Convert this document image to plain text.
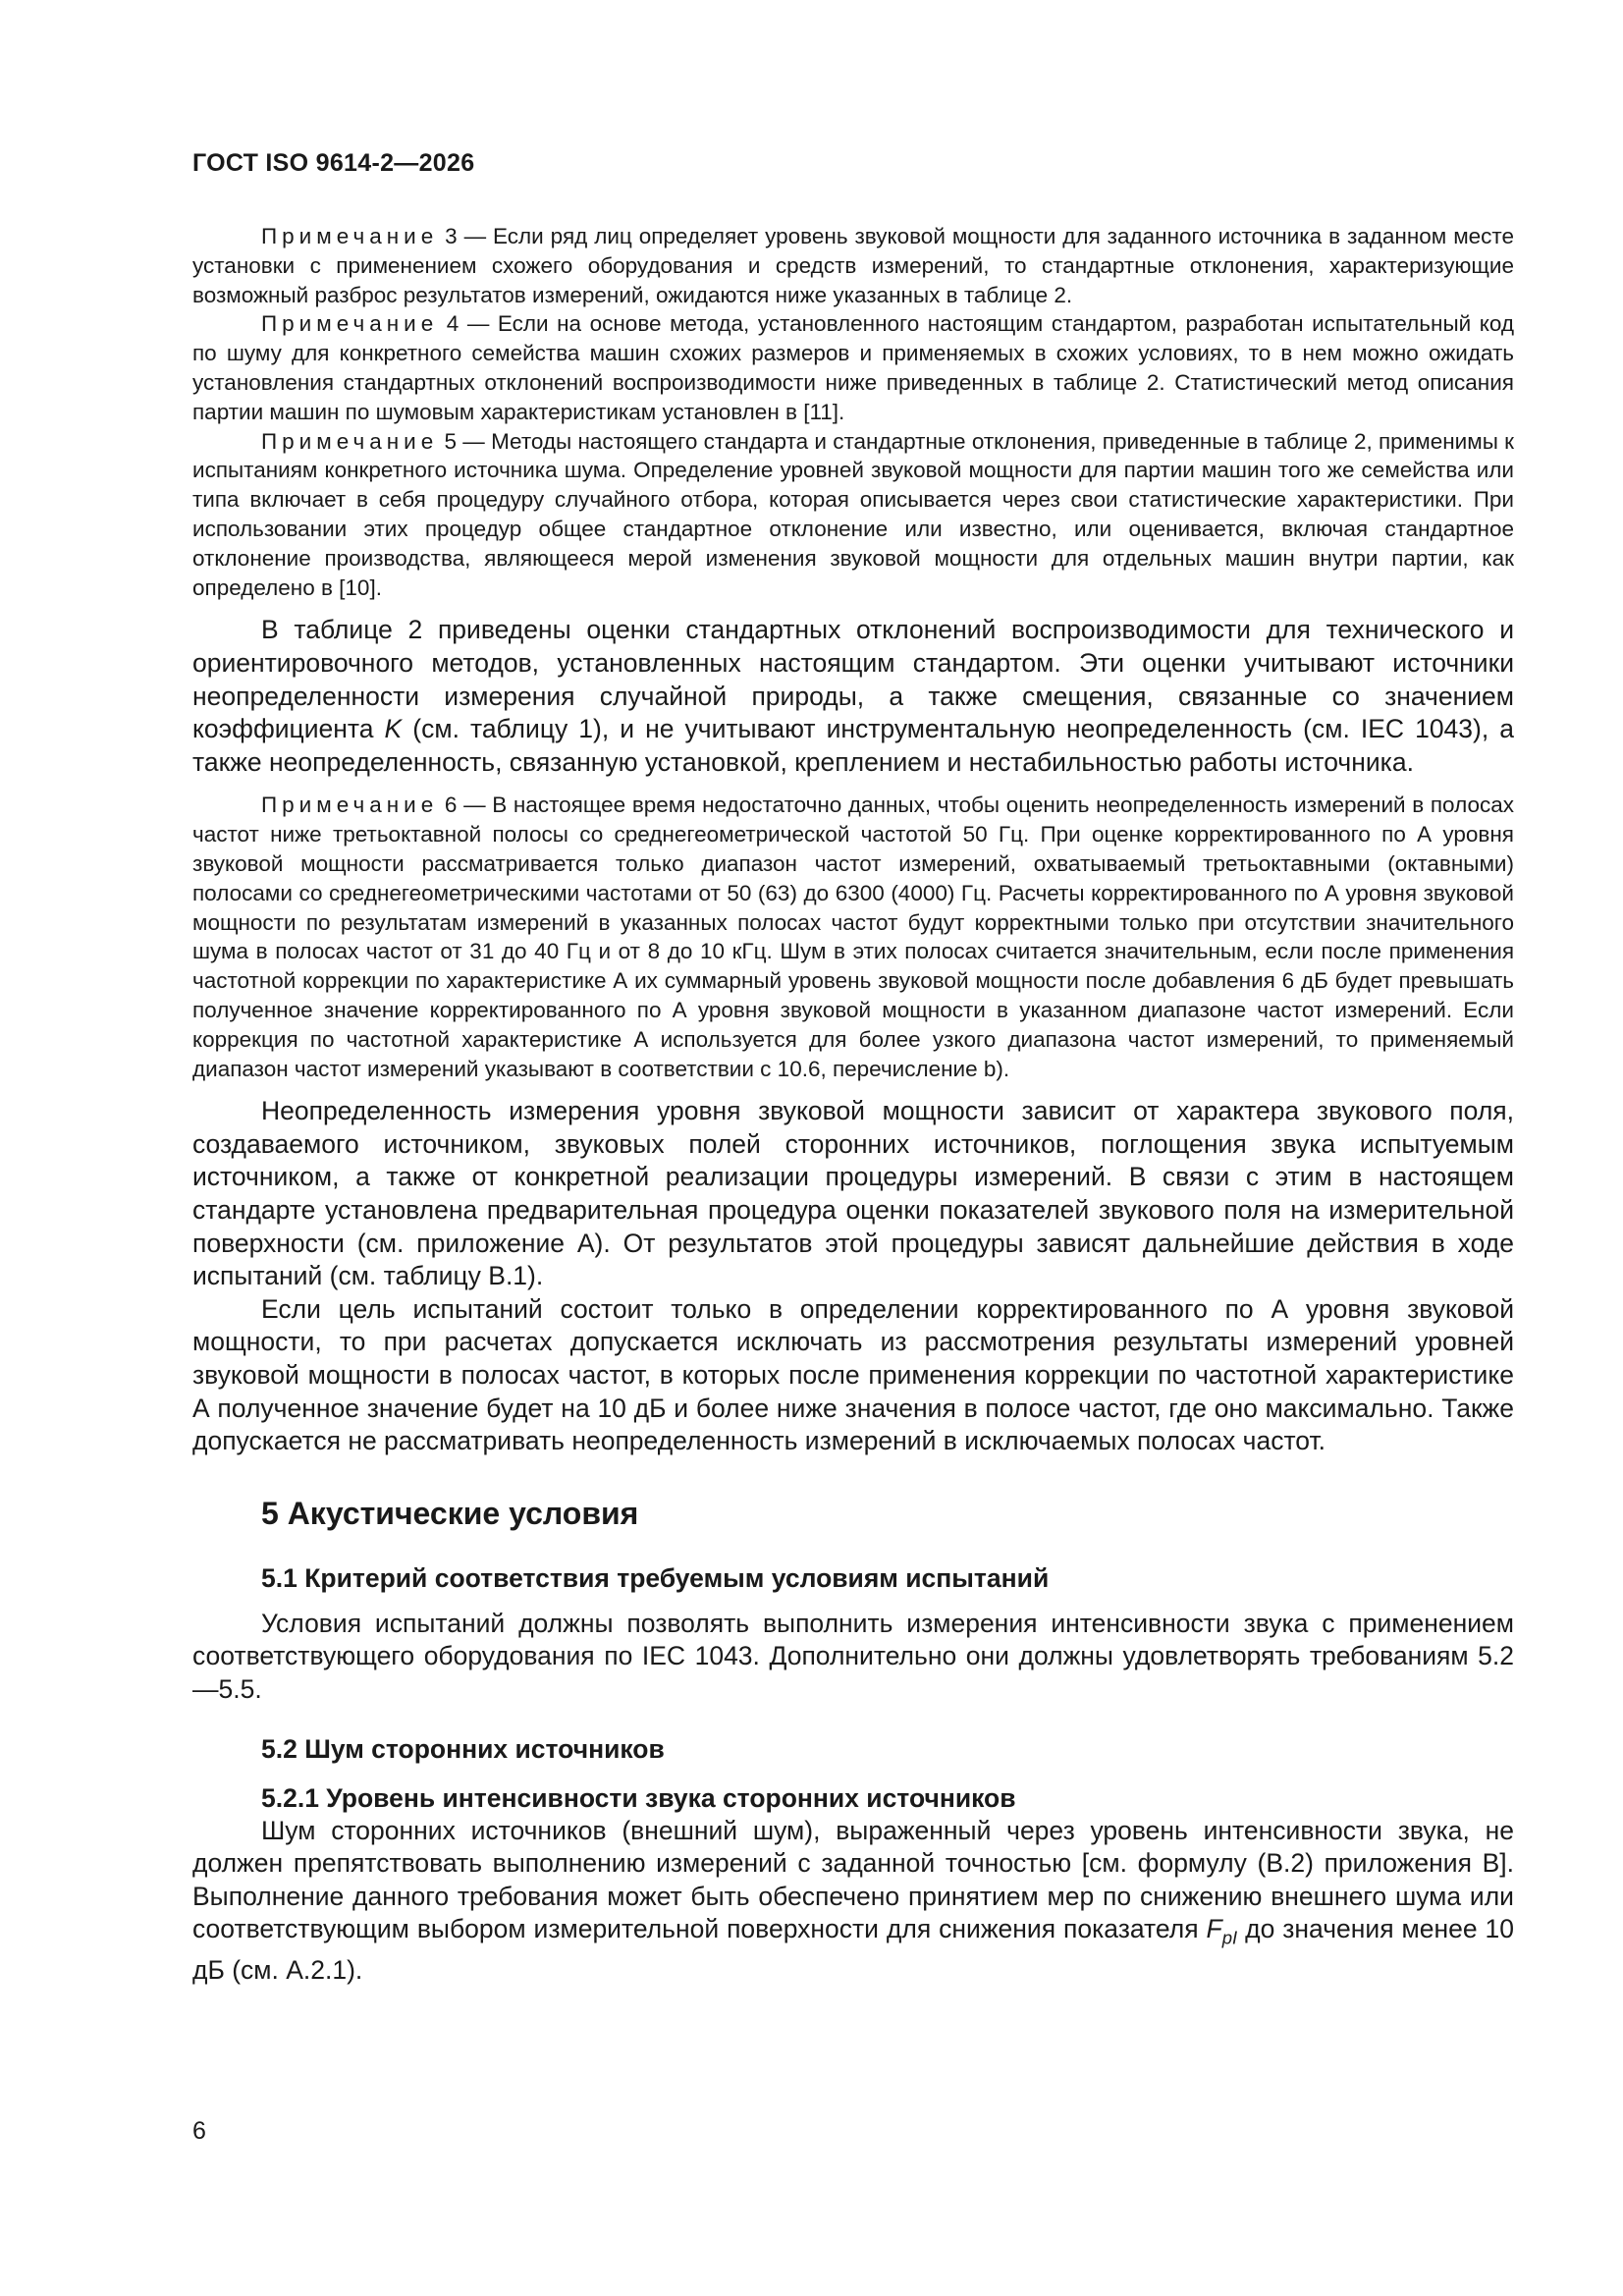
ГОСТ ISO 9614-2—2026

Примечание 3 — Если ряд лиц определяет уровень звуковой мощности для заданного источника в заданном месте установки с применением схожего оборудования и средств измерений, то стандартные отклонения, характеризующие возможный разброс результатов измерений, ожидаются ниже указанных в таблице 2.

Примечание 4 — Если на основе метода, установленного настоящим стандартом, разработан испытательный код по шуму для конкретного семейства машин схожих размеров и применяемых в схожих условиях, то в нем можно ожидать установления стандартных отклонений воспроизводимости ниже приведенных в таблице 2. Статистический метод описания партии машин по шумовым характеристикам установлен в [11].

Примечание 5 — Методы настоящего стандарта и стандартные отклонения, приведенные в таблице 2, применимы к испытаниям конкретного источника шума. Определение уровней звуковой мощности для партии машин того же семейства или типа включает в себя процедуру случайного отбора, которая описывается через свои статистические характеристики. При использовании этих процедур общее стандартное отклонение или известно, или оценивается, включая стандартное отклонение производства, являющееся мерой изменения звуковой мощности для отдельных машин внутри партии, как определено в [10].

В таблице 2 приведены оценки стандартных отклонений воспроизводимости для технического и ориентировочного методов, установленных настоящим стандартом. Эти оценки учитывают источники неопределенности измерения случайной природы, а также смещения, связанные со значением коэффициента K (см. таблицу 1), и не учитывают инструментальную неопределенность (см. IEC 1043), а также неопределенность, связанную установкой, креплением и нестабильностью работы источника.

Примечание 6 — В настоящее время недостаточно данных, чтобы оценить неопределенность измерений в полосах частот ниже третьоктавной полосы со среднегеометрической частотой 50 Гц. При оценке корректированного по А уровня звуковой мощности рассматривается только диапазон частот измерений, охватываемый третьоктавными (октавными) полосами со среднегеометрическими частотами от 50 (63) до 6300 (4000) Гц. Расчеты корректированного по А уровня звуковой мощности по результатам измерений в указанных полосах частот будут корректными только при отсутствии значительного шума в полосах частот от 31 до 40 Гц и от 8 до 10 кГц. Шум в этих полосах считается значительным, если после применения частотной коррекции по характеристике А их суммарный уровень звуковой мощности после добавления 6 дБ будет превышать полученное значение корректированного по А уровня звуковой мощности в указанном диапазоне частот измерений. Если коррекция по частотной характеристике А используется для более узкого диапазона частот измерений, то применяемый диапазон частот измерений указывают в соответствии с 10.6, перечисление b).

Неопределенность измерения уровня звуковой мощности зависит от характера звукового поля, создаваемого источником, звуковых полей сторонних источников, поглощения звука испытуемым источником, а также от конкретной реализации процедуры измерений. В связи с этим в настоящем стандарте установлена предварительная процедура оценки показателей звукового поля на измерительной поверхности (см. приложение А). От результатов этой процедуры зависят дальнейшие действия в ходе испытаний (см. таблицу В.1).

Если цель испытаний состоит только в определении корректированного по А уровня звуковой мощности, то при расчетах допускается исключать из рассмотрения результаты измерений уровней звуковой мощности в полосах частот, в которых после применения коррекции по частотной характеристике А полученное значение будет на 10 дБ и более ниже значения в полосе частот, где оно максимально. Также допускается не рассматривать неопределенность измерений в исключаемых полосах частот.

5 Акустические условия
5.1 Критерий соответствия требуемым условиям испытаний

Условия испытаний должны позволять выполнить измерения интенсивности звука с применением соответствующего оборудования по IEC 1043. Дополнительно они должны удовлетворять требованиям 5.2—5.5.

5.2 Шум сторонних источников
5.2.1 Уровень интенсивности звука сторонних источников

Шум сторонних источников (внешний шум), выраженный через уровень интенсивности звука, не должен препятствовать выполнению измерений с заданной точностью [см. формулу (В.2) приложения В]. Выполнение данного требования может быть обеспечено принятием мер по снижению внешнего шума или соответствующим выбором измерительной поверхности для снижения показателя $F_{pI}$ до значения менее 10 дБ (см. А.2.1).

6
